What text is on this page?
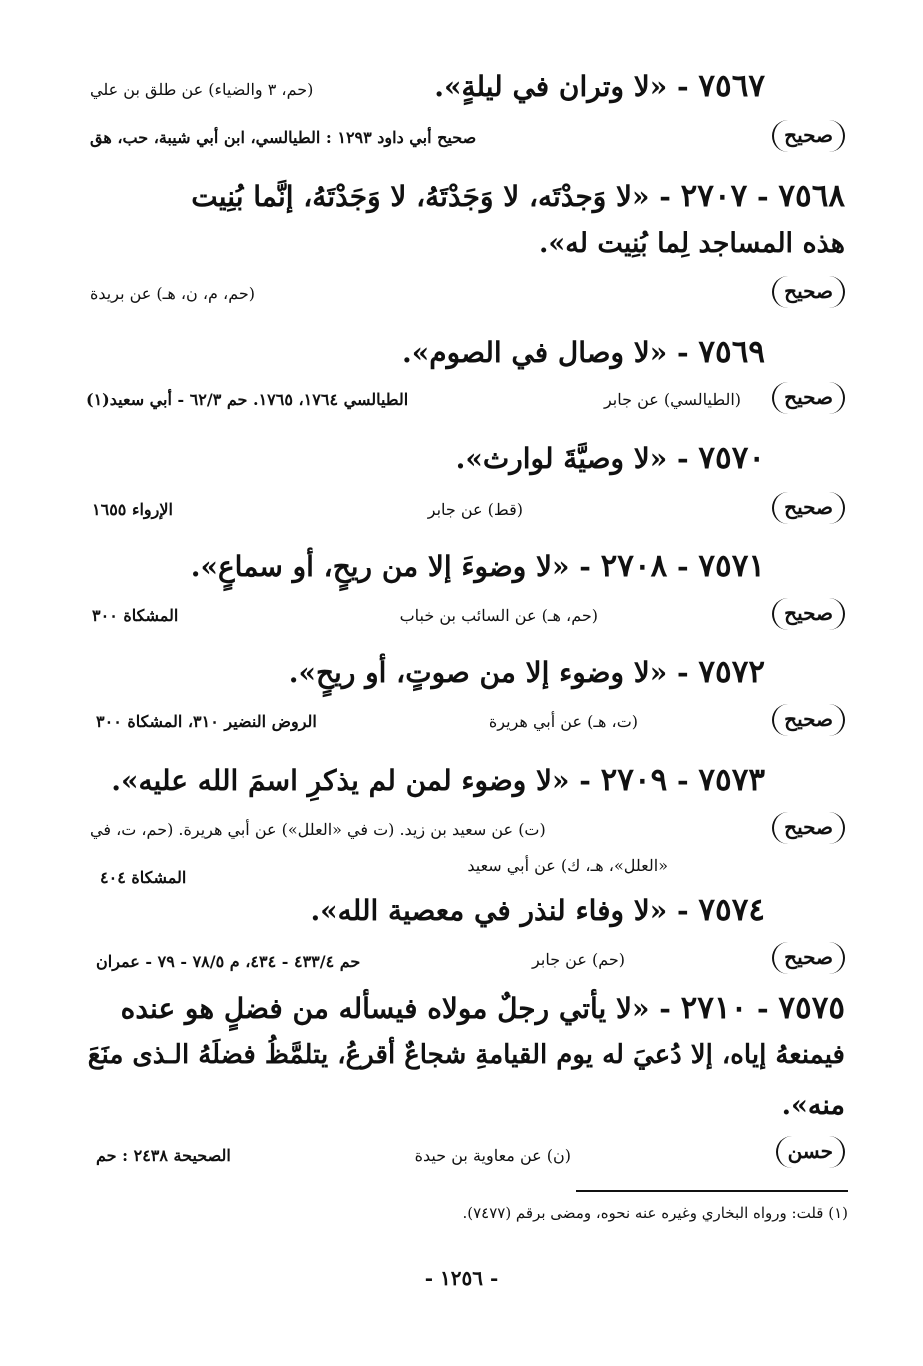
٧٥٦٧ - «لا وتران في ليلةٍ».
(حم، ٣ والضياء) عن طلق بن علي
صحيح
صحيح أبي داود ١٢٩٣ : الطيالسي، ابن أبي شيبة، حب، هق
٧٥٦٨ - ٢٧٠٧ - «لا وَجدْتَه، لا وَجَدْتَهُ، لا وَجَدْتَهُ، إنَّما بُنِيت
هذه المساجد لِما بُنِيت له».
صحيح
(حم، م، ن، هـ) عن بريدة
٧٥٦٩ - «لا وصال في الصوم».
صحيح
(الطيالسي) عن جابر
الطيالسي ١٧٦٤، ١٧٦٥. حم ٦٢/٣ - أبي سعيد(١)
٧٥٧٠ - «لا وصيَّةَ لوارث».
صحيح
(قط) عن جابر
الإرواء ١٦٥٥
٧٥٧١ - ٢٧٠٨ - «لا وضوءَ إلا من ريحٍ، أو سماعٍ».
صحيح
(حم، هـ) عن السائب بن خباب
المشكاة ٣٠٠
٧٥٧٢ - «لا وضوء إلا من صوتٍ، أو ريحٍ».
صحيح
(ت، هـ) عن أبي هريرة
الروض النضير ٣١٠، المشكاة ٣٠٠
٧٥٧٣ - ٢٧٠٩ - «لا وضوء لمن لم يذكرِ اسمَ الله عليه».
صحيح
(ت) عن سعيد بن زيد. (ت في «العلل») عن أبي هريرة. (حم، ت، في
«العلل»، هـ، ك) عن أبي سعيد
المشكاة ٤٠٤
٧٥٧٤ - «لا وفاء لنذر في معصية الله».
صحيح
(حم) عن جابر
حم ٤٣٣/٤ - ٤٣٤، م ٧٨/٥ - ٧٩ - عمران
٧٥٧٥ - ٢٧١٠ - «لا يأتي رجلٌ مولاه فيسأله من فضلٍ هو عنده
فيمنعهُ إياه، إلا دُعيَ له يوم القيامةِ شجاعٌ أقرعُ، يتلمَّظُ فضلَهُ الـذى منَعَ
منه».
حسن
(ن) عن معاوية بن حيدة
الصحيحة ٢٤٣٨ : حم
(١) قلت: ورواه البخاري وغيره عنه نحوه، ومضى برقم (٧٤٧٧).
- ١٢٥٦ -
